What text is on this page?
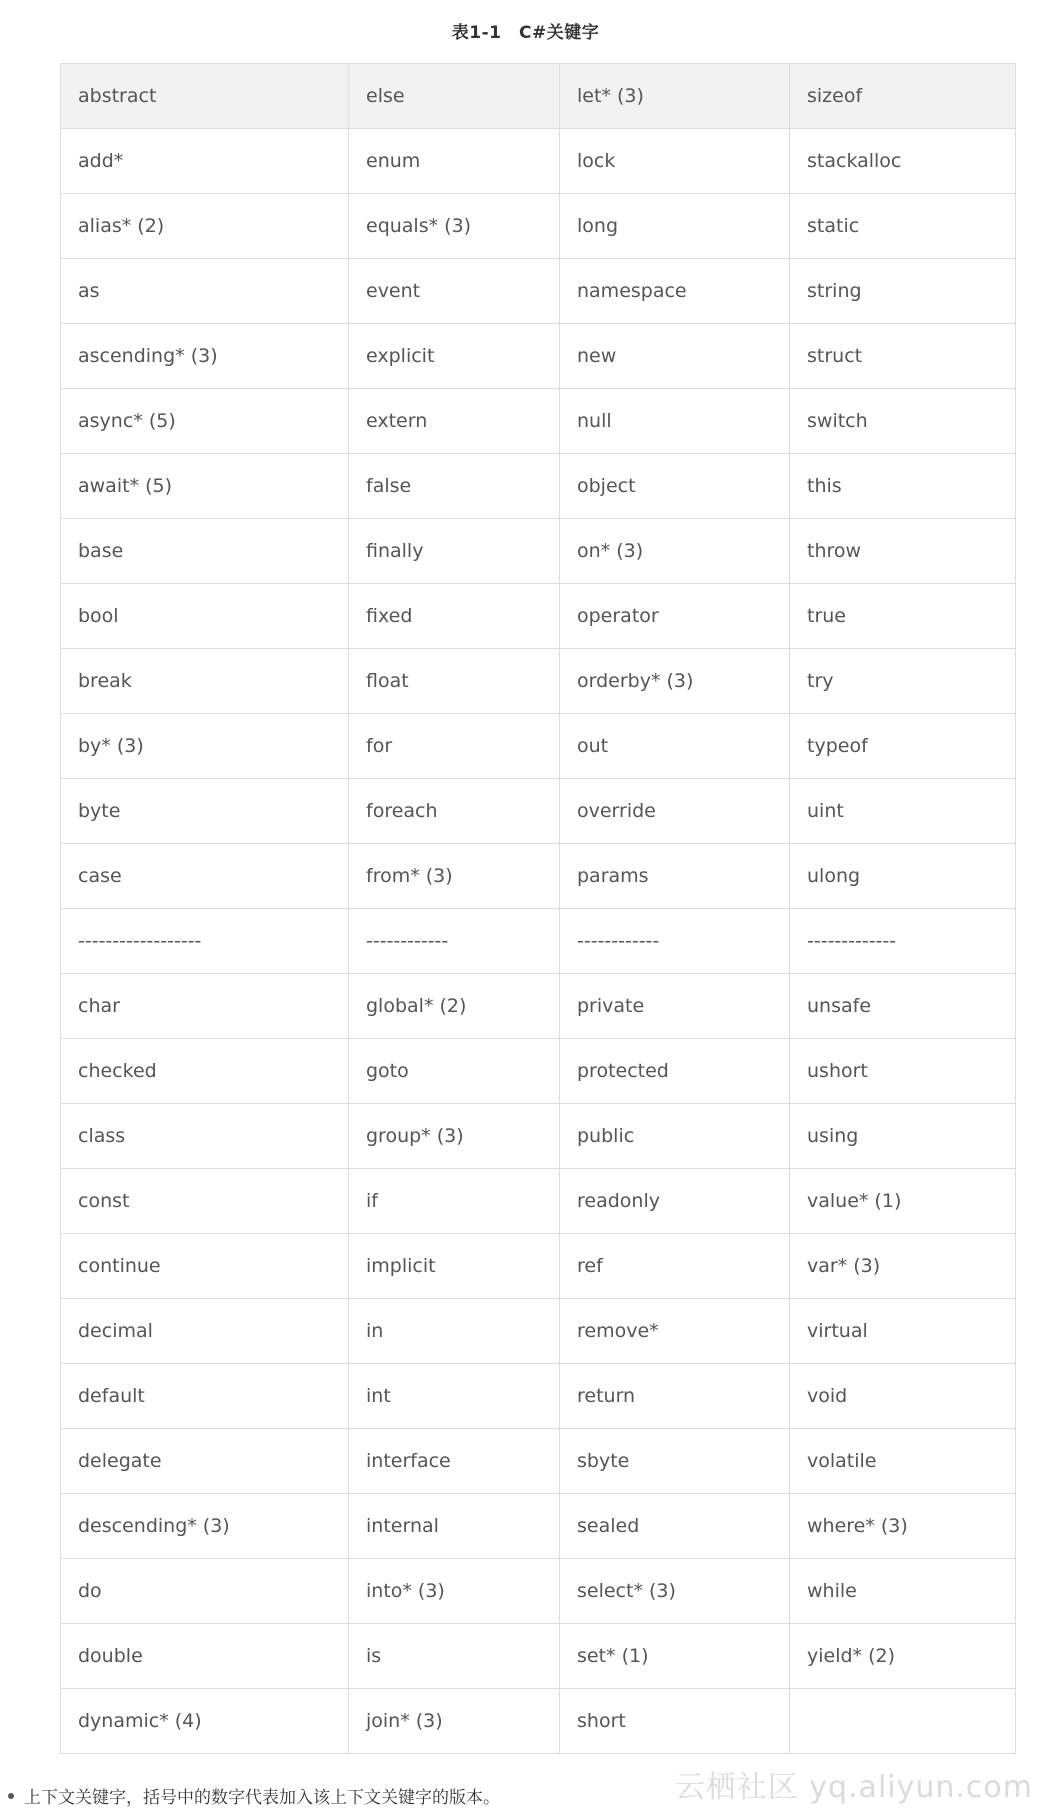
表1-1　C#关键字
abstract	else	let* (3)	sizeof
add*	enum	lock	stackalloc
alias* (2)	equals* (3)	long	static
as	event	namespace	string
ascending* (3)	explicit	new	struct
async* (5)	extern	null	switch
await* (5)	false	object	this
base	finally	on* (3)	throw
bool	fixed	operator	true
break	float	orderby* (3)	try
by* (3)	for	out	typeof
byte	foreach	override	uint
case	from* (3)	params	ulong
------------------	------------	------------	-------------
char	global* (2)	private	unsafe
checked	goto	protected	ushort
class	group* (3)	public	using
const	if	readonly	value* (1)
continue	implicit	ref	var* (3)
decimal	in	remove*	virtual
default	int	return	void
delegate	interface	sbyte	volatile
descending* (3)	internal	sealed	where* (3)
do	into* (3)	select* (3)	while
double	is	set* (1)	yield* (2)
dynamic* (4)	join* (3)	short	
上下文关键字，括号中的数字代表加入该上下文关键字的版本。	云栖社区 yq.aliyun.com
